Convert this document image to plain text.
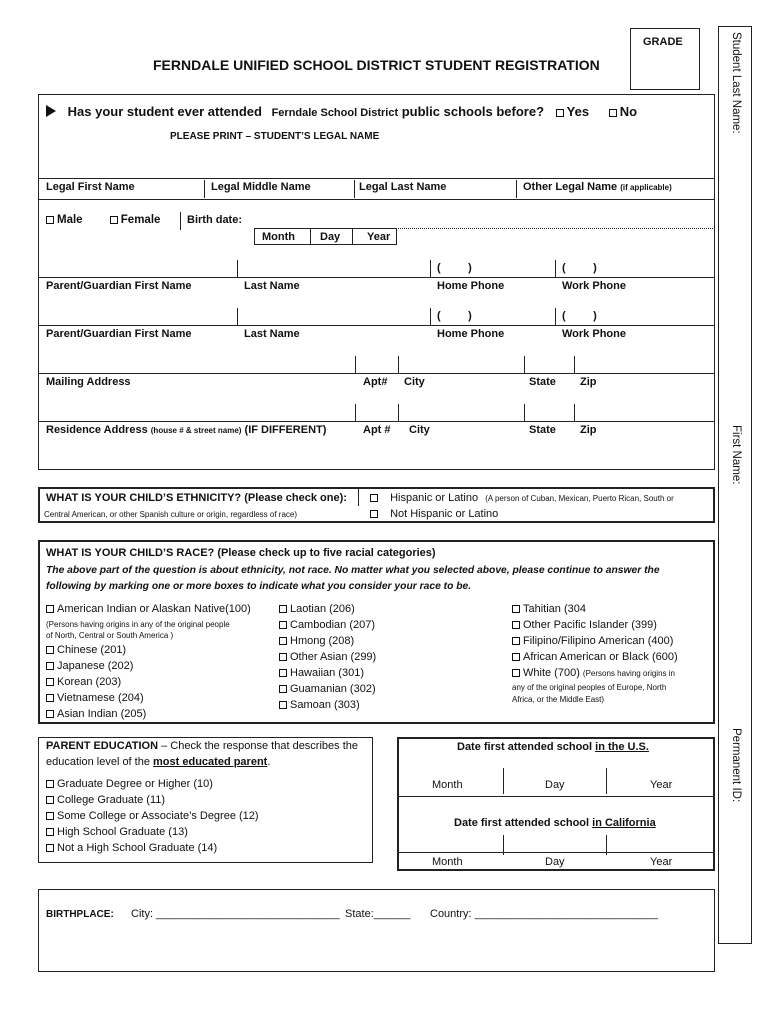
Student Last Name:
First Name:
Permanent ID:
GRADE
FERNDALE UNIFIED SCHOOL DISTRICT STUDENT REGISTRATION
Has your student ever attended Ferndale School District public schools before? Yes No
PLEASE PRINT – STUDENT’S LEGAL NAME
Legal First Name	Legal Middle Name	Legal Last Name	Other Legal Name (if applicable)
Male	Female Birth date:
Month Day Year
(         )	(         )
Parent/Guardian First Name	Last Name	Home Phone	Work Phone
(         )	(         )
Parent/Guardian First Name	Last Name	Home Phone	Work Phone
Mailing Address	Apt# City	State Zip
Residence Address (house # & street name) (IF DIFFERENT)	Apt # City	State Zip
WHAT IS YOUR CHILD’S ETHNICITY? (Please check one):	Hispanic or Latino (A person of Cuban, Mexican, Puerto Rican, South or
Central American, or other Spanish culture or origin, regardless of race)	Not Hispanic or Latino
WHAT IS YOUR CHILD’S RACE? (Please check up to five racial categories)
The above part of the question is about ethnicity, not race. No matter what you selected above, please continue to answer the
following by marking one or more boxes to indicate what you consider your race to be.
American Indian or Alaskan Native(100)
(Persons having origins in any of the original people
of North, Central or South America )
Chinese (201)
Japanese (202)
Korean (203)
Vietnamese (204)
Asian Indian (205)
Laotian (206)
Cambodian (207)
Hmong (208)
Other Asian (299)
Hawaiian (301)
Guamanian (302)
Samoan (303)
Tahitian (304
Other Pacific Islander (399)
Filipino/Filipino American (400)
African American or Black (600)
White (700) (Persons having origins in
any of the original peoples of Europe, North
Africa, or the Middle East)
PARENT EDUCATION – Check the response that describes the
education level of the most educated parent.
Graduate Degree or Higher (10)
College Graduate (11)
Some College or Associate’s Degree (12)
High School Graduate (13)
Not a High School Graduate (14)
Date first attended school in the U.S.
Month	Day	Year
Date first attended school in California
Month	Day	Year
BIRTHPLACE: City: ______________________________ State:______ Country: ______________________________
